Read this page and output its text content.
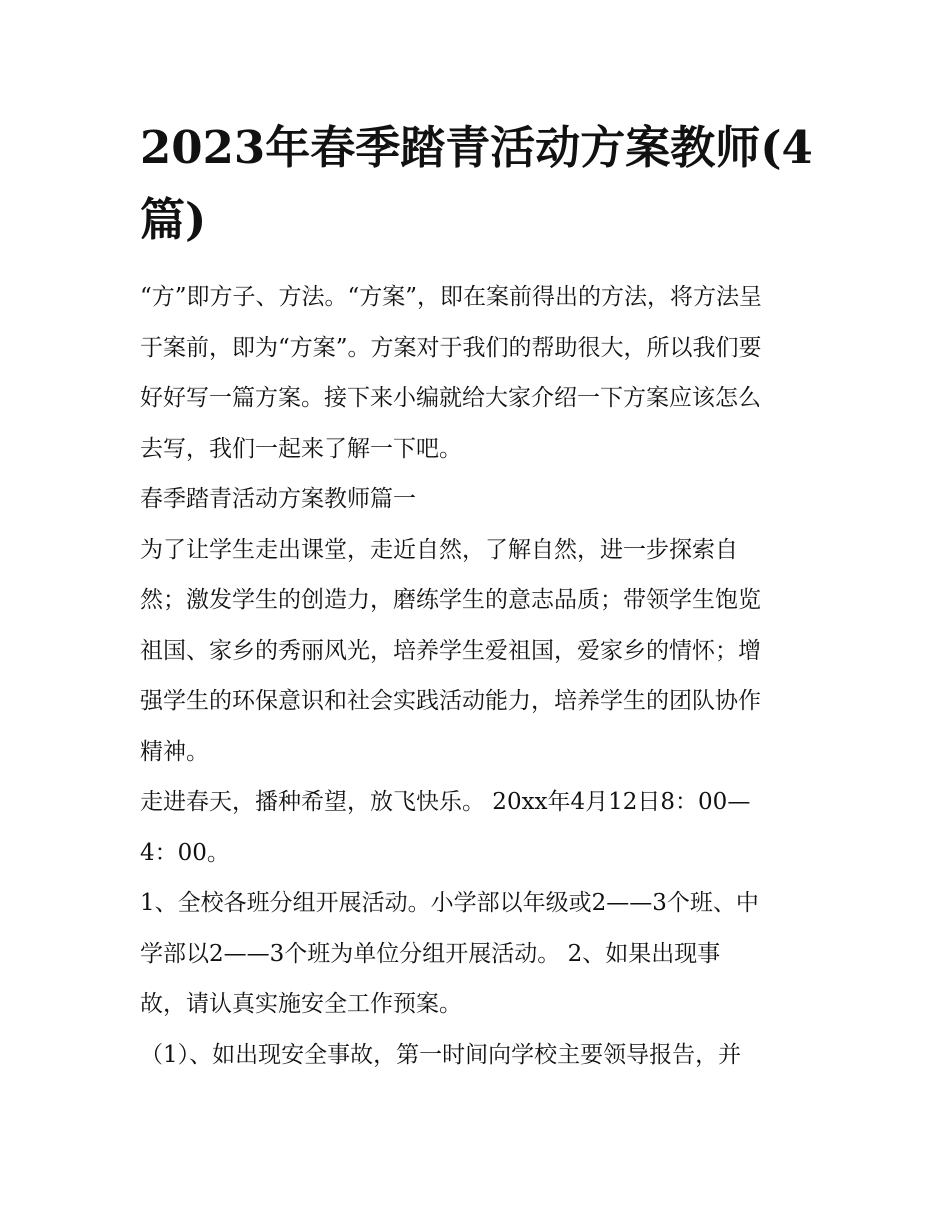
2023年春季踏青活动方案教师(4篇)
“方”即方子、方法。“方案”，即在案前得出的方法，将方法呈
于案前，即为“方案”。方案对于我们的帮助很大，所以我们要
好好写一篇方案。接下来小编就给大家介绍一下方案应该怎么
去写，我们一起来了解一下吧。
春季踏青活动方案教师篇一
为了让学生走出课堂，走近自然，了解自然，进一步探索自
然；激发学生的创造力，磨练学生的意志品质；带领学生饱览
祖国、家乡的秀丽风光，培养学生爱祖国，爱家乡的情怀；增
强学生的环保意识和社会实践活动能力，培养学生的团队协作
精神。
走进春天，播种希望，放飞快乐。 20xx年4月12日8：00—
4：00。
1、全校各班分组开展活动。小学部以年级或2——3个班、中
学部以2——3个班为单位分组开展活动。 2、如果出现事
故，请认真实施安全工作预案。
（1）、如出现安全事故，第一时间向学校主要领导报告，并
